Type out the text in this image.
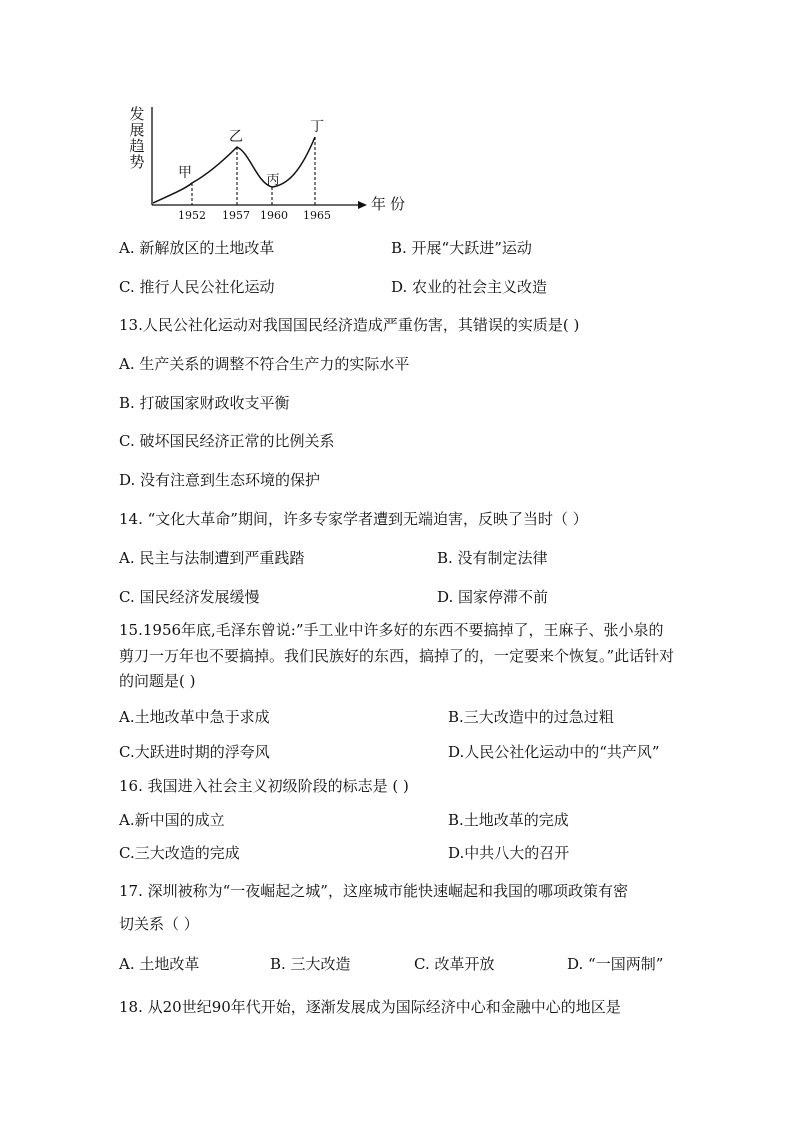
发
展
趋
势
年份
甲
乙
丙
丁
1952 1957 1960 1965
A. 新解放区的土地改革	B. 开展“大跃进”运动
C. 推行人民公社化运动	D. 农业的社会主义改造
13.人民公社化运动对我国国民经济造成严重伤害，其错误的实质是( )
A. 生产关系的调整不符合生产力的实际水平
B. 打破国家财政收支平衡
C. 破坏国民经济正常的比例关系
D. 没有注意到生态环境的保护
14. “文化大革命”期间，许多专家学者遭到无端迫害，反映了当时（ ）
A. 民主与法制遭到严重践踏	B. 没有制定法律
C. 国民经济发展缓慢	D. 国家停滞不前
15.1956年底,毛泽东曾说:”手工业中许多好的东西不要搞掉了，王麻子、张小泉的
剪刀一万年也不要搞掉。我们民族好的东西，搞掉了的，一定要来个恢复。”此话针对
的问题是( )
A.土地改革中急于求成	B.三大改造中的过急过粗
C.大跃进时期的浮夸风	D.人民公社化运动中的“共产风”
16. 我国进入社会主义初级阶段的标志是 ( )
A.新中国的成立	B.土地改革的完成
C.三大改造的完成	D.中共八大的召开
17. 深圳被称为“一夜崛起之城”，这座城市能快速崛起和我国的哪项政策有密
切关系（ ）
A. 土地改革	B. 三大改造	C. 改革开放	D. “一国两制”
18. 从20世纪90年代开始，逐渐发展成为国际经济中心和金融中心的地区是
